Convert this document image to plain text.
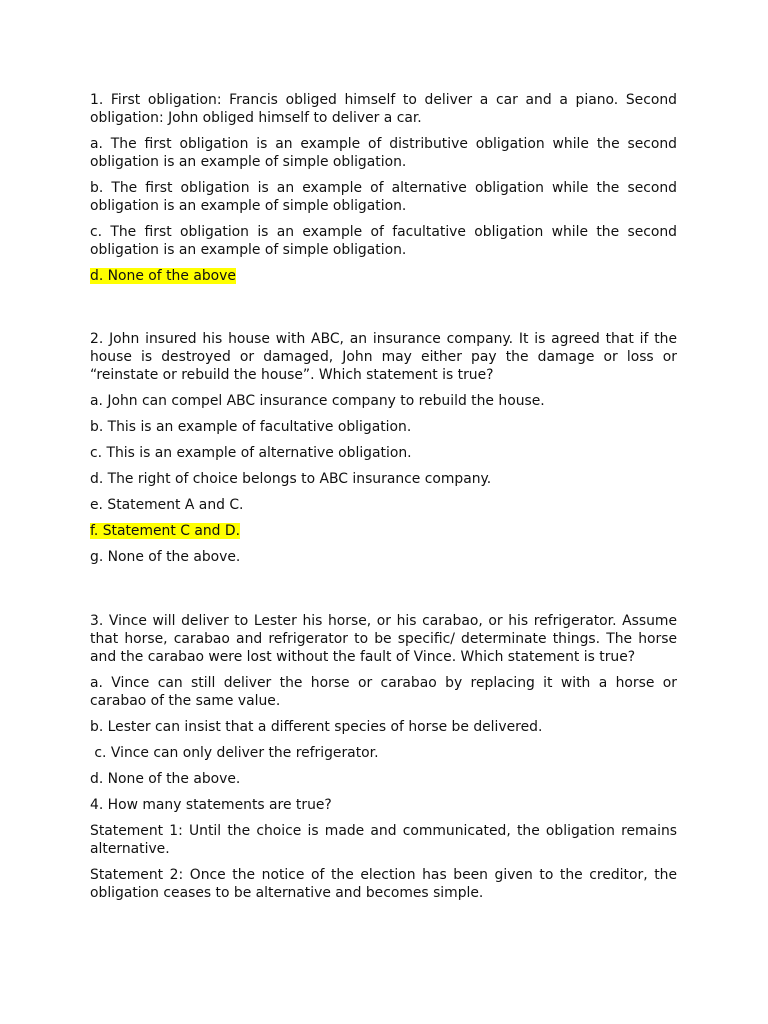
1. First obligation: Francis obliged himself to deliver a car and a piano. Second obligation: John obliged himself to deliver a car.

a. The first obligation is an example of distributive obligation while the second obligation is an example of simple obligation.

b. The first obligation is an example of alternative obligation while the second obligation is an example of simple obligation.

c. The first obligation is an example of facultative obligation while the second obligation is an example of simple obligation.

d. None of the above

2. John insured his house with ABC, an insurance company. It is agreed that if the house is destroyed or damaged, John may either pay the damage or loss or “reinstate or rebuild the house”. Which statement is true?

a. John can compel ABC insurance company to rebuild the house.

b. This is an example of facultative obligation.

c. This is an example of alternative obligation.

d. The right of choice belongs to ABC insurance company.

e. Statement A and C.

f. Statement C and D.

g. None of the above.

3. Vince will deliver to Lester his horse, or his carabao, or his refrigerator. Assume that horse, carabao and refrigerator to be specific/ determinate things. The horse and the carabao were lost without the fault of Vince. Which statement is true?

a. Vince can still deliver the horse or carabao by replacing it with a horse or carabao of the same value.

b. Lester can insist that a different species of horse be delivered.

c. Vince can only deliver the refrigerator.

d. None of the above.

4. How many statements are true?

Statement 1: Until the choice is made and communicated, the obligation remains alternative.

Statement 2: Once the notice of the election has been given to the creditor, the obligation ceases to be alternative and becomes simple.
